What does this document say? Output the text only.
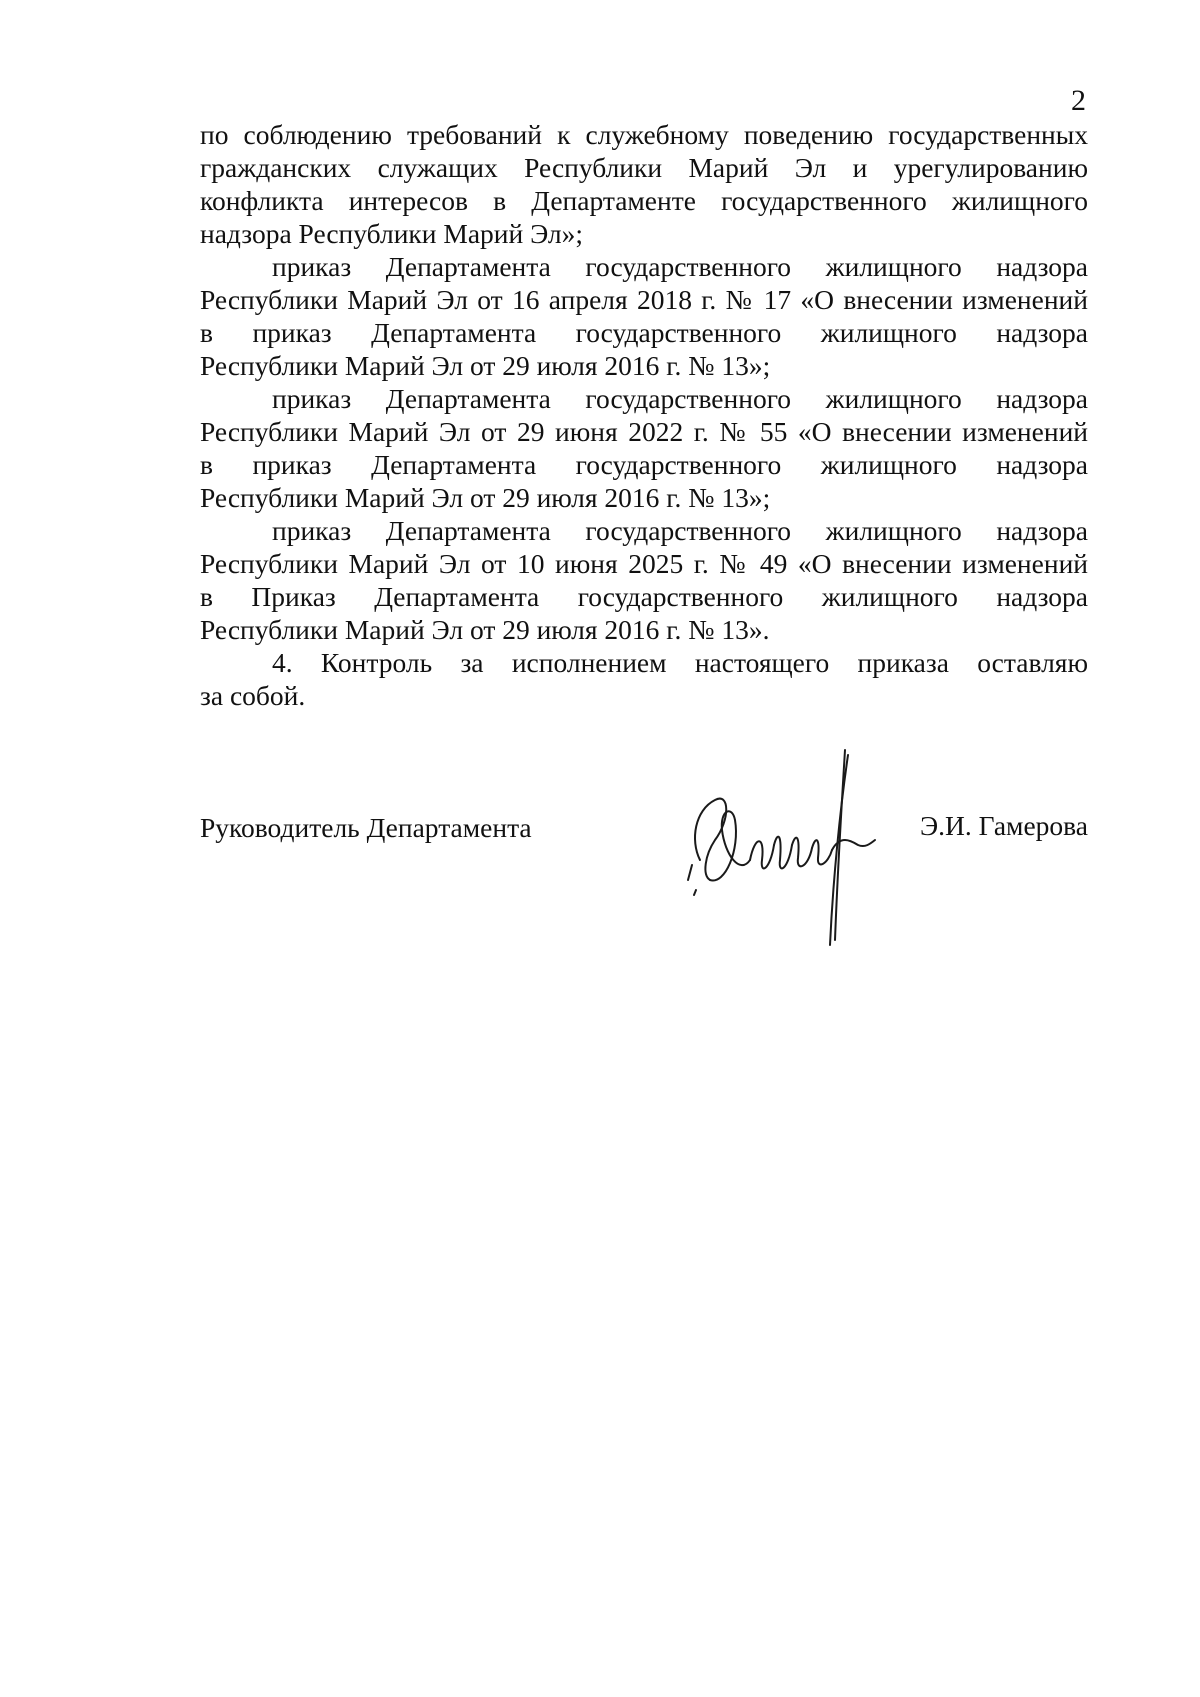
2
по соблюдению требований к служебному поведению государственных
гражданских служащих Республики Марий Эл и урегулированию
конфликта интересов в Департаменте государственного жилищного
надзора Республики Марий Эл»;
приказ Департамента государственного жилищного надзора
Республики Марий Эл от 16 апреля 2018 г. № 17 «О внесении изменений
в приказ Департамента государственного жилищного надзора
Республики Марий Эл от 29 июля 2016 г. № 13»;
приказ Департамента государственного жилищного надзора
Республики Марий Эл от 29 июня 2022 г. № 55 «О внесении изменений
в приказ Департамента государственного жилищного надзора
Республики Марий Эл от 29 июля 2016 г. № 13»;
приказ Департамента государственного жилищного надзора
Республики Марий Эл от 10 июня 2025 г. № 49 «О внесении изменений
в Приказ Департамента государственного жилищного надзора
Республики Марий Эл от 29 июля 2016 г. № 13».
4. Контроль за исполнением настоящего приказа оставляю
за собой.
Руководитель Департамента	Э.И. Гамерова
